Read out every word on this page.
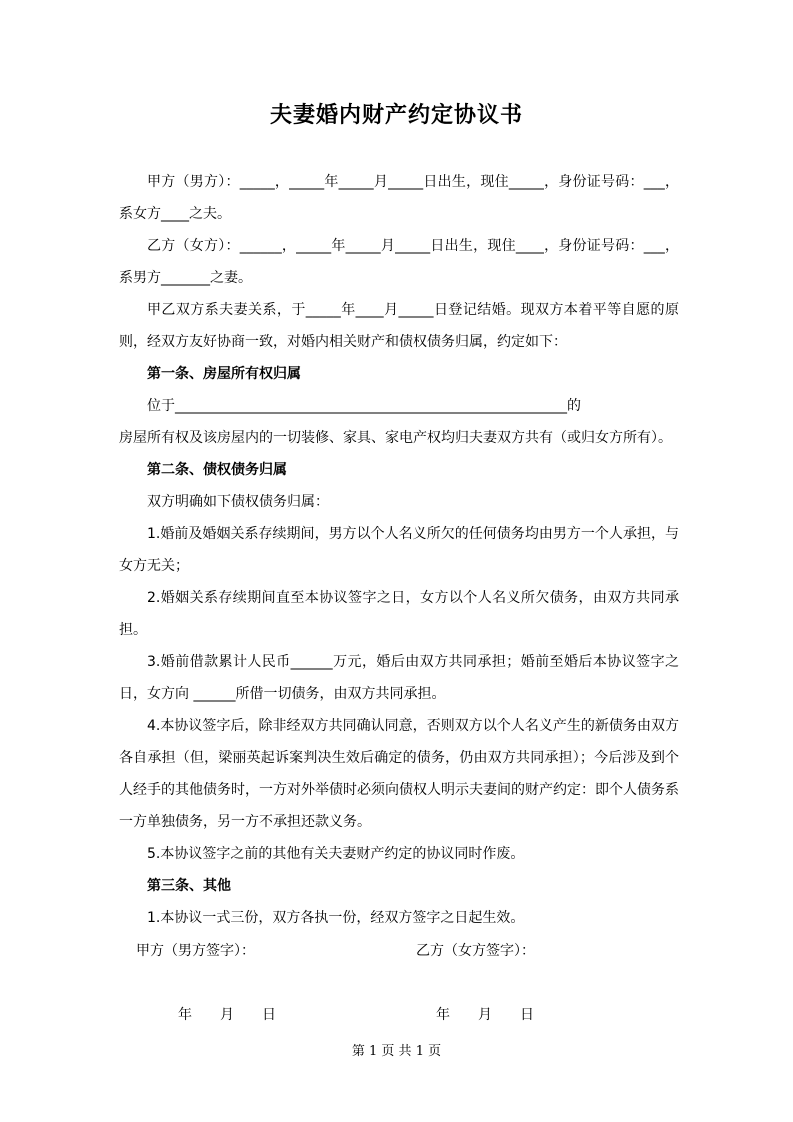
夫妻婚内财产约定协议书

甲方（男方）：_____，_____年_____月_____日出生，现住_____，身份证号码：___，系女方____之夫。

乙方（女方）：______，_____年_____月_____日出生，现住____，身份证号码：___，系男方_______之妻。

甲乙双方系夫妻关系，于_____年____月_____日登记结婚。现双方本着平等自愿的原则，经双方友好协商一致，对婚内相关财产和债权债务归属，约定如下：

第一条、房屋所有权归属

位于________________________________________________________的

房屋所有权及该房屋内的一切装修、家具、家电产权均归夫妻双方共有（或归女方所有）。

第二条、债权债务归属

双方明确如下债权债务归属：

1.婚前及婚姻关系存续期间，男方以个人名义所欠的任何债务均由男方一个人承担，与女方无关；

2.婚姻关系存续期间直至本协议签字之日，女方以个人名义所欠债务，由双方共同承担。

3.婚前借款累计人民币______万元，婚后由双方共同承担；婚前至婚后本协议签字之日，女方向 ______所借一切债务，由双方共同承担。

4.本协议签字后，除非经双方共同确认同意，否则双方以个人名义产生的新债务由双方各自承担（但，梁丽英起诉案判决生效后确定的债务，仍由双方共同承担）；今后涉及到个人经手的其他债务时，一方对外举债时必须向债权人明示夫妻间的财产约定：即个人债务系一方单独债务，另一方不承担还款义务。

5.本协议签字之前的其他有关夫妻财产约定的协议同时作废。

第三条、其他

1.本协议一式三份，双方各执一份，经双方签字之日起生效。

甲方（男方签字）：	乙方（女方签字）：
年　　月　　日	年　　月　　日
第 1 页 共 1 页
